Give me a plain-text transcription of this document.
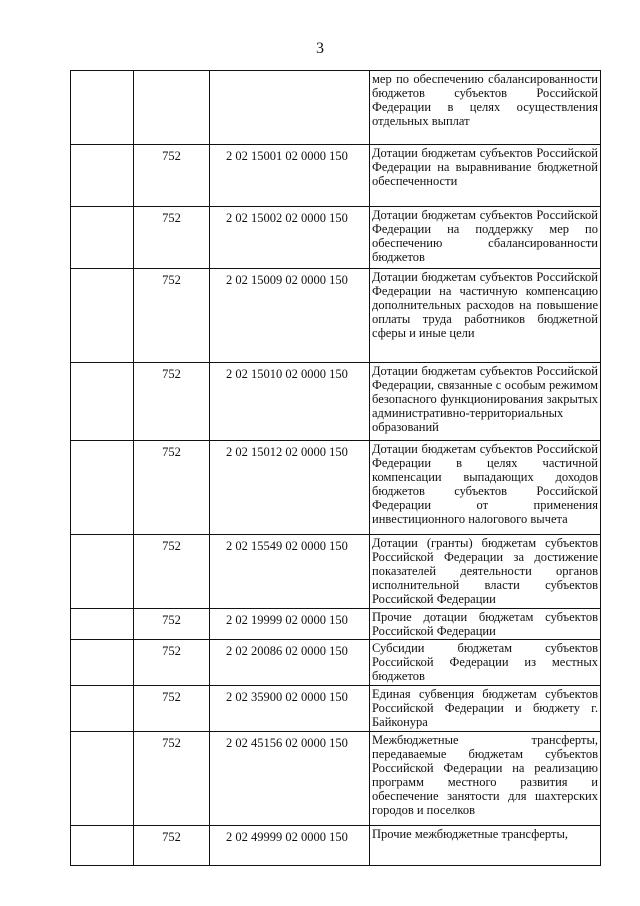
3
			мер по обеспечению сбалансированности бюджетов субъектов Российской Федерации в целях осуществления отдельных выплат
	752	2 02 15001 02 0000 150	Дотации бюджетам субъектов Российской Федерации на выравнивание бюджетной обеспеченности
	752	2 02 15002 02 0000 150	Дотации бюджетам субъектов Российской Федерации на поддержку мер по обеспечению сбалансированности бюджетов
	752	2 02 15009 02 0000 150	Дотации бюджетам субъектов Российской Федерации на частичную компенсацию дополнительных расходов на повышение оплаты труда работников бюджетной сферы и иные цели
	752	2 02 15010 02 0000 150	Дотации бюджетам субъектов Российской Федерации, связанные с особым режимом безопасного функционирования закрытых административно-территориальных образований
	752	2 02 15012 02 0000 150	Дотации бюджетам субъектов Российской Федерации в целях частичной компенсации выпадающих доходов бюджетов субъектов Российской Федерации от применения инвестиционного налогового вычета
	752	2 02 15549 02 0000 150	Дотации (гранты) бюджетам субъектов Российской Федерации за достижение показателей деятельности органов исполнительной власти субъектов Российской Федерации
	752	2 02 19999 02 0000 150	Прочие дотации бюджетам субъектов Российской Федерации
	752	2 02 20086 02 0000 150	Субсидии бюджетам субъектов Российской Федерации из местных бюджетов
	752	2 02 35900 02 0000 150	Единая субвенция бюджетам субъектов Российской Федерации и бюджету г. Байконура
	752	2 02 45156 02 0000 150	Межбюджетные трансферты, передаваемые бюджетам субъектов Российской Федерации на реализацию программ местного развития и обеспечение занятости для шахтерских городов и поселков
	752	2 02 49999 02 0000 150	Прочие межбюджетные трансферты,
